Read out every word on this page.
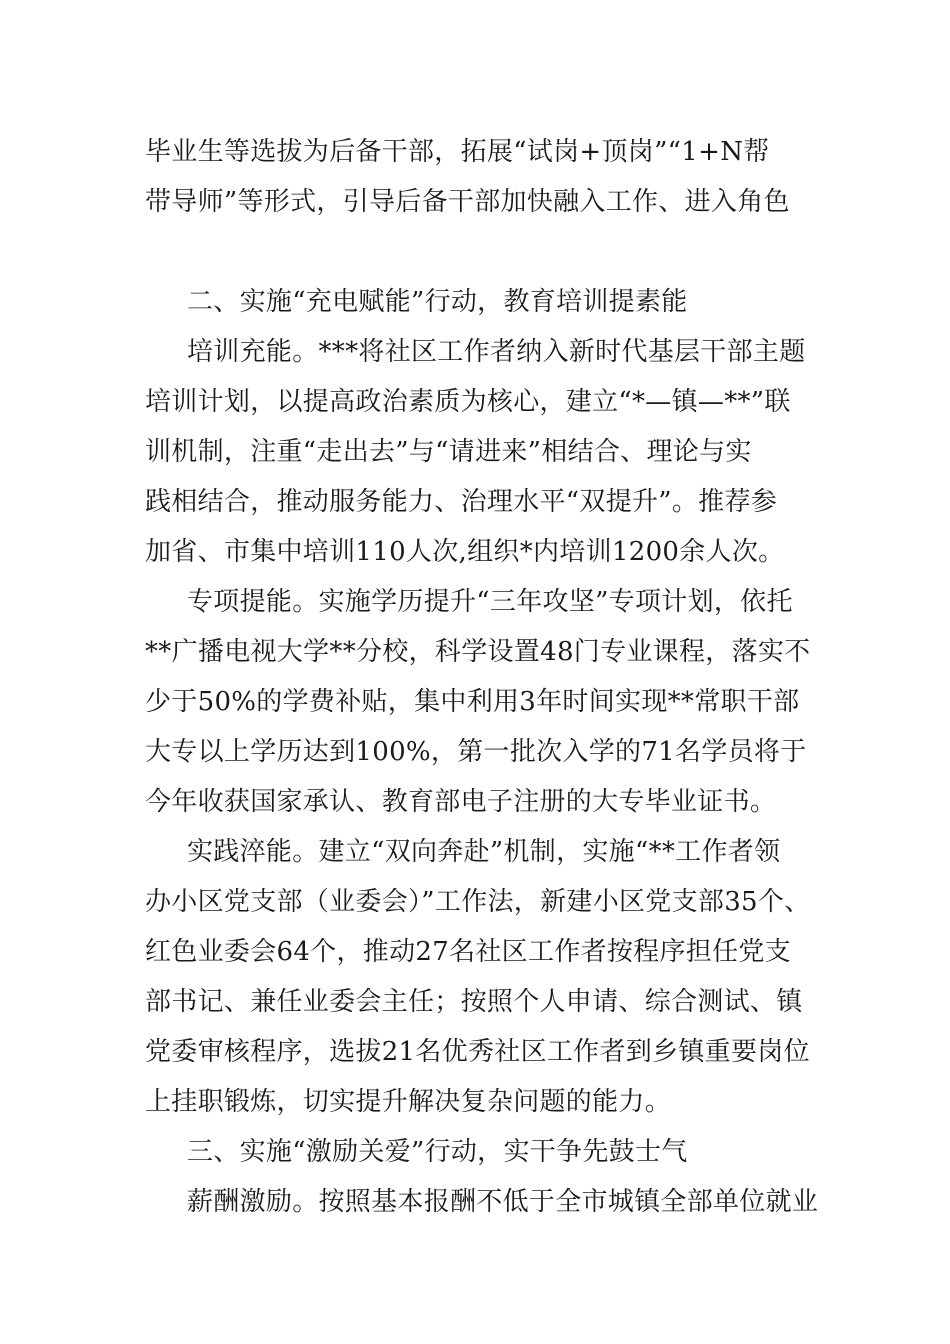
毕业生等选拔为后备干部，拓展“试岗+顶岗”“1+N帮
带导师”等形式，引导后备干部加快融入工作、进入角色
二、实施“充电赋能”行动，教育培训提素能
培训充能。***将社区工作者纳入新时代基层干部主题
培训计划，以提高政治素质为核心，建立“*—镇—**”联
训机制，注重“走出去”与“请进来”相结合、理论与实
践相结合，推动服务能力、治理水平“双提升”。推荐参
加省、市集中培训110人次,组织*内培训1200余人次。
专项提能。实施学历提升“三年攻坚”专项计划，依托
**广播电视大学**分校，科学设置48门专业课程，落实不
少于50%的学费补贴，集中利用3年时间实现**常职干部
大专以上学历达到100%，第一批次入学的71名学员将于
今年收获国家承认、教育部电子注册的大专毕业证书。
实践淬能。建立“双向奔赴”机制，实施“**工作者领
办小区党支部（业委会）”工作法，新建小区党支部35个、
红色业委会64个，推动27名社区工作者按程序担任党支
部书记、兼任业委会主任；按照个人申请、综合测试、镇
党委审核程序，选拔21名优秀社区工作者到乡镇重要岗位
上挂职锻炼，切实提升解决复杂问题的能力。
三、实施“激励关爱”行动，实干争先鼓士气
薪酬激励。按照基本报酬不低于全市城镇全部单位就业
